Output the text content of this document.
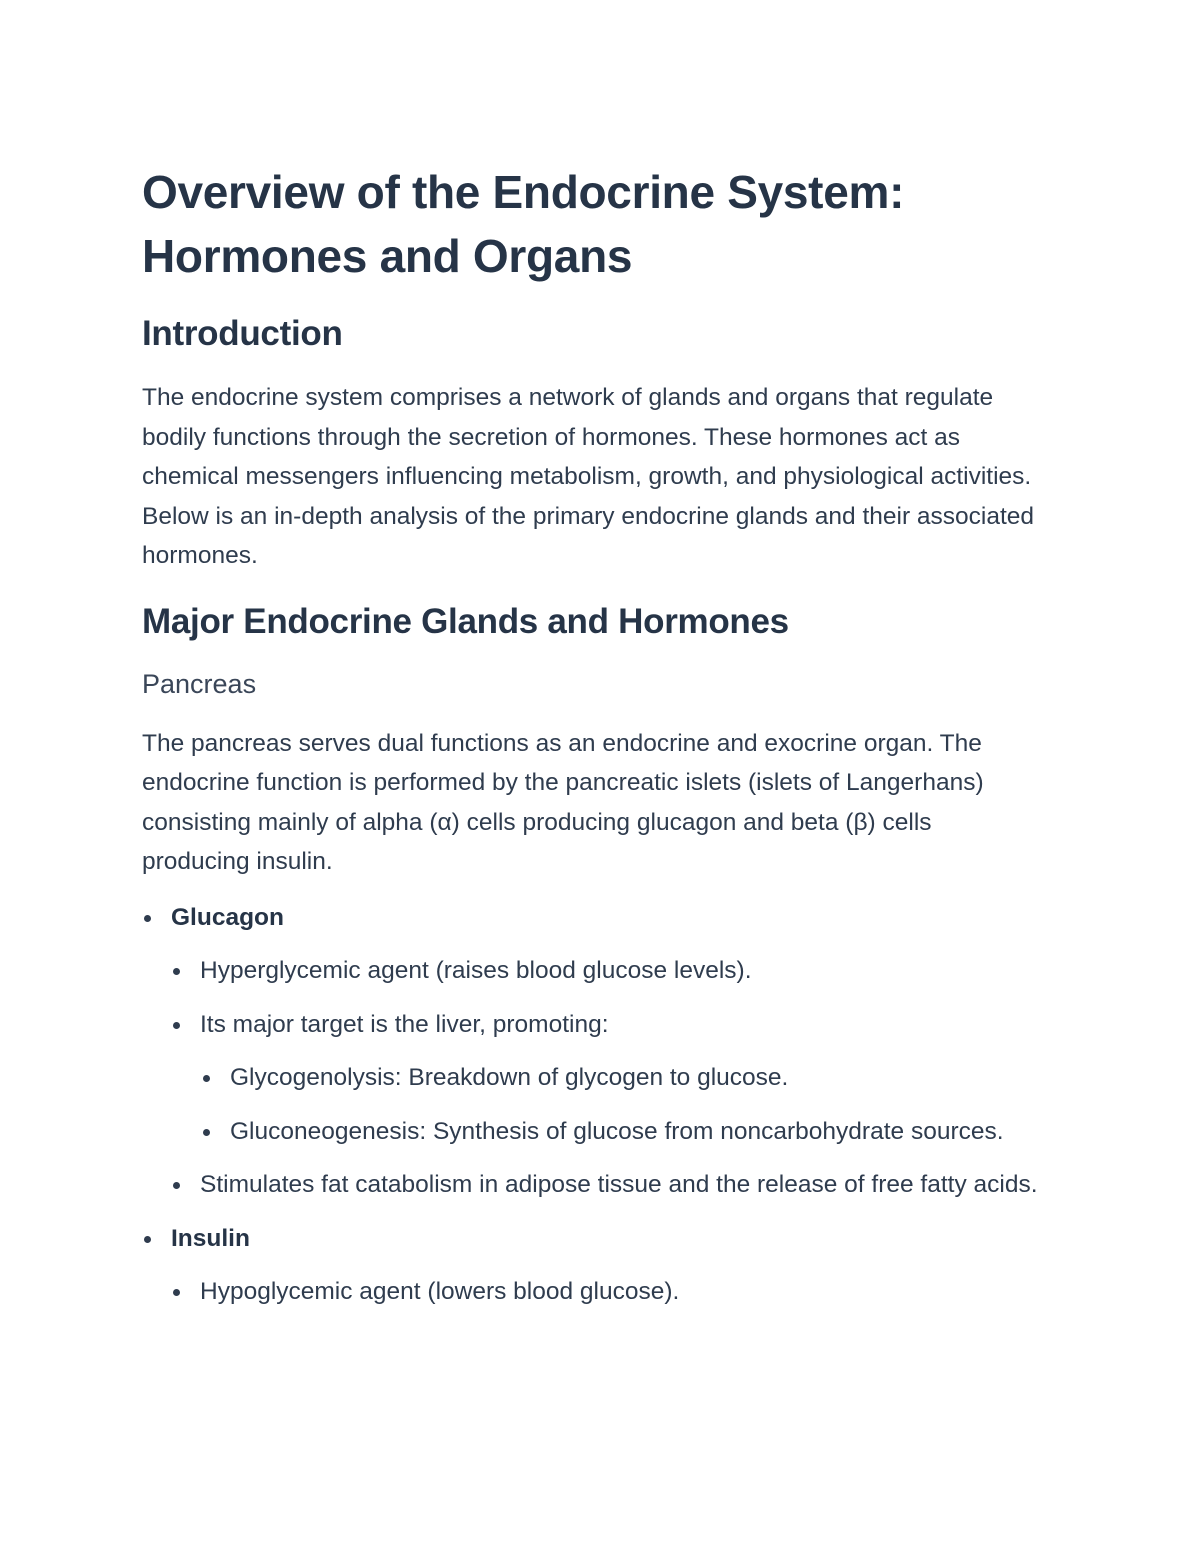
Overview of the Endocrine System: Hormones and Organs
Introduction

The endocrine system comprises a network of glands and organs that regulate bodily functions through the secretion of hormones. These hormones act as chemical messengers influencing metabolism, growth, and physiological activities. Below is an in-depth analysis of the primary endocrine glands and their associated hormones.

Major Endocrine Glands and Hormones
Pancreas

The pancreas serves dual functions as an endocrine and exocrine organ. The endocrine function is performed by the pancreatic islets (islets of Langerhans) consisting mainly of alpha (α) cells producing glucagon and beta (β) cells producing insulin.

Glucagon
Hyperglycemic agent (raises blood glucose levels).
Its major target is the liver, promoting:
Glycogenolysis: Breakdown of glycogen to glucose.
Gluconeogenesis: Synthesis of glucose from noncarbohydrate sources.
Stimulates fat catabolism in adipose tissue and the release of free fatty acids.
Insulin
Hypoglycemic agent (lowers blood glucose).
